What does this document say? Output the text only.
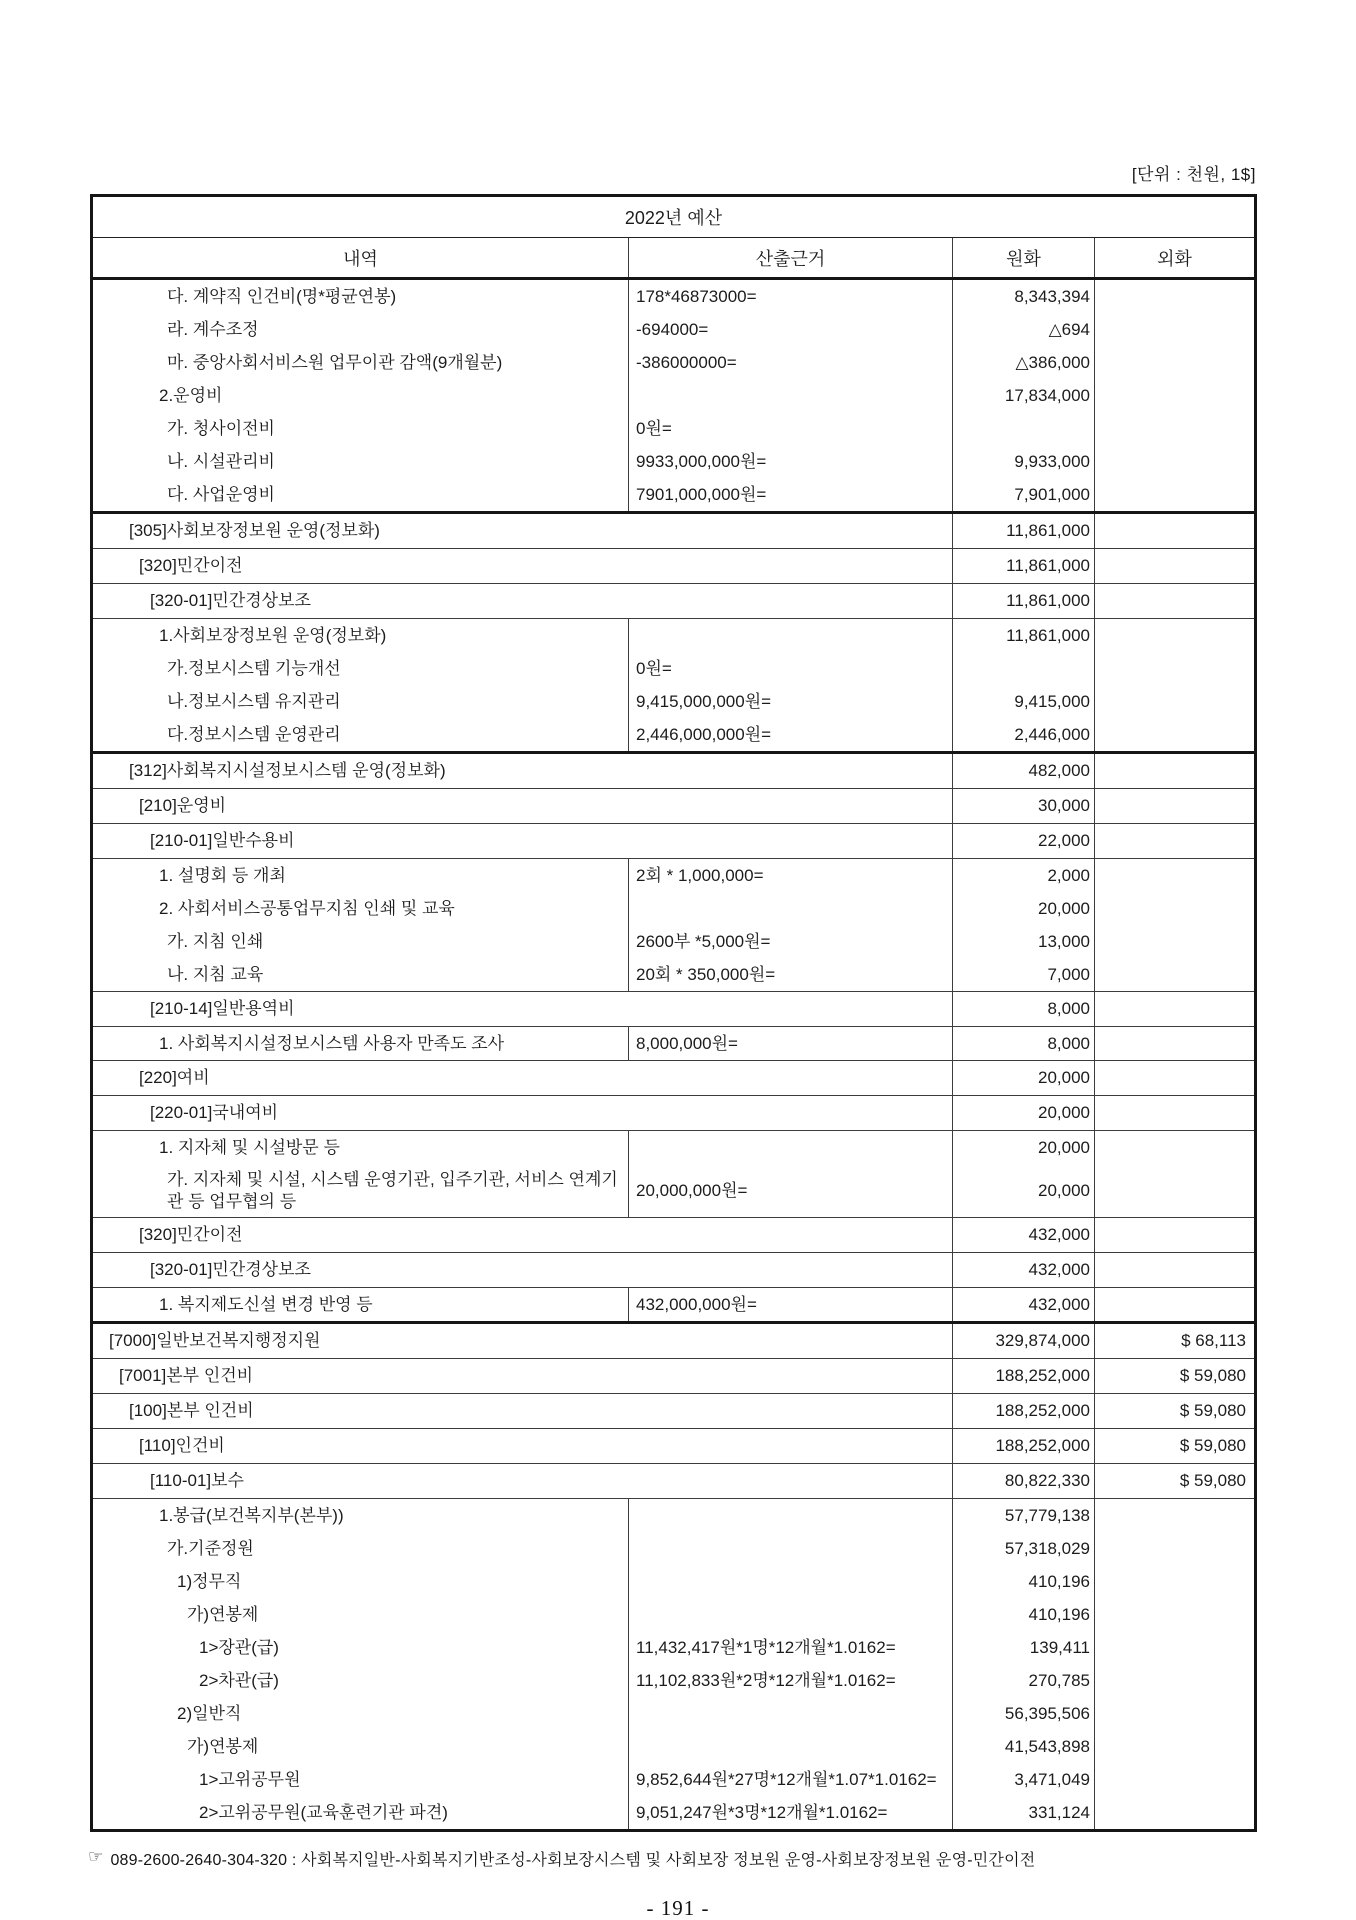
[단위 : 천원, 1$]
2022년 예산
내역	산출근거	원화	외화
다. 계약직 인건비(명*평균연봉)	178*46873000=	8,343,394
라. 계수조정	-694000=	△694
마. 중앙사회서비스원 업무이관 감액(9개월분)	-386000000=	△386,000
2.운영비	17,834,000
가. 청사이전비	0원=
나. 시설관리비	9933,000,000원=	9,933,000
다. 사업운영비	7901,000,000원=	7,901,000
[305]사회보장정보원 운영(정보화)	11,861,000
[320]민간이전	11,861,000
[320-01]민간경상보조	11,861,000
1.사회보장정보원 운영(정보화)	11,861,000
가.정보시스템 기능개선	0원=
나.정보시스템 유지관리	9,415,000,000원=	9,415,000
다.정보시스템 운영관리	2,446,000,000원=	2,446,000
[312]사회복지시설정보시스템 운영(정보화)	482,000
[210]운영비	30,000
[210-01]일반수용비	22,000
1. 설명회 등 개최	2회 * 1,000,000=	2,000
2. 사회서비스공통업무지침 인쇄 및 교육	20,000
가. 지침 인쇄	2600부 *5,000원=	13,000
나. 지침 교육	20회 * 350,000원=	7,000
[210-14]일반용역비	8,000
1. 사회복지시설정보시스템 사용자 만족도 조사	8,000,000원=	8,000
[220]여비	20,000
[220-01]국내여비	20,000
1. 지자체 및 시설방문 등	20,000
가. 지자체 및 시설, 시스템 운영기관, 입주기관, 서비스 연계기관 등 업무협의 등
20,000,000원=	20,000
[320]민간이전	432,000
[320-01]민간경상보조	432,000
1. 복지제도신설 변경 반영 등	432,000,000원=	432,000
[7000]일반보건복지행정지원	329,874,000	$ 68,113
[7001]본부 인건비	188,252,000	$ 59,080
[100]본부 인건비	188,252,000	$ 59,080
[110]인건비	188,252,000	$ 59,080
[110-01]보수	80,822,330	$ 59,080
1.봉급(보건복지부(본부))	57,779,138
가.기준정원	57,318,029
1)정무직	410,196
가)연봉제	410,196
1>장관(급)	11,432,417원*1명*12개월*1.0162=	139,411
2>차관(급)	11,102,833원*2명*12개월*1.0162=	270,785
2)일반직	56,395,506
가)연봉제	41,543,898
1>고위공무원	9,852,644원*27명*12개월*1.07*1.0162=	3,471,049
2>고위공무원(교육훈련기관 파견)	9,051,247원*3명*12개월*1.0162=	331,124
☞ 089-2600-2640-304-320 : 사회복지일반-사회복지기반조성-사회보장시스템 및 사회보장 정보원 운영-사회보장정보원 운영-민간이전
- 191 -
